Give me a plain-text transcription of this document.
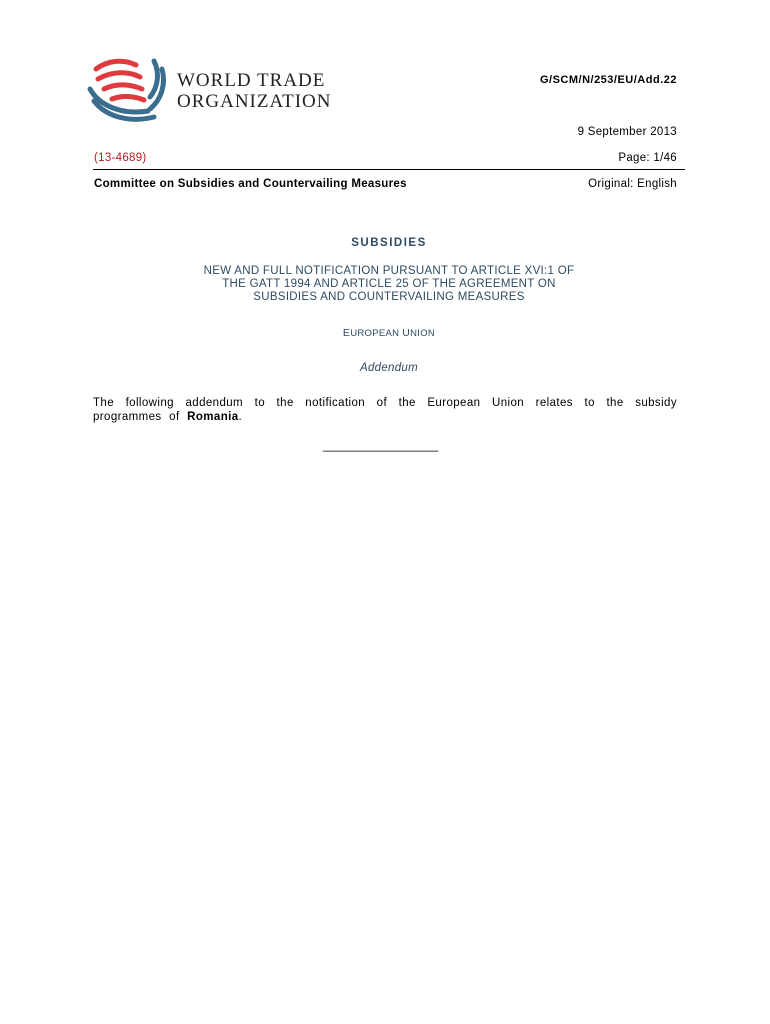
WORLD TRADE
ORGANIZATION
G/SCM/N/253/EU/Add.22
9 September 2013
(13-4689)	Page: 1/46
Committee on Subsidies and Countervailing Measures	Original: English
SUBSIDIES
NEW AND FULL NOTIFICATION PURSUANT TO ARTICLE XVI:1 OF
THE GATT 1994 AND ARTICLE 25 OF THE AGREEMENT ON
SUBSIDIES AND COUNTERVAILING MEASURES
EUROPEAN UNION
Addendum
The following addendum to the notification of the European Union relates to the subsidy programmes of Romania.
__________________
